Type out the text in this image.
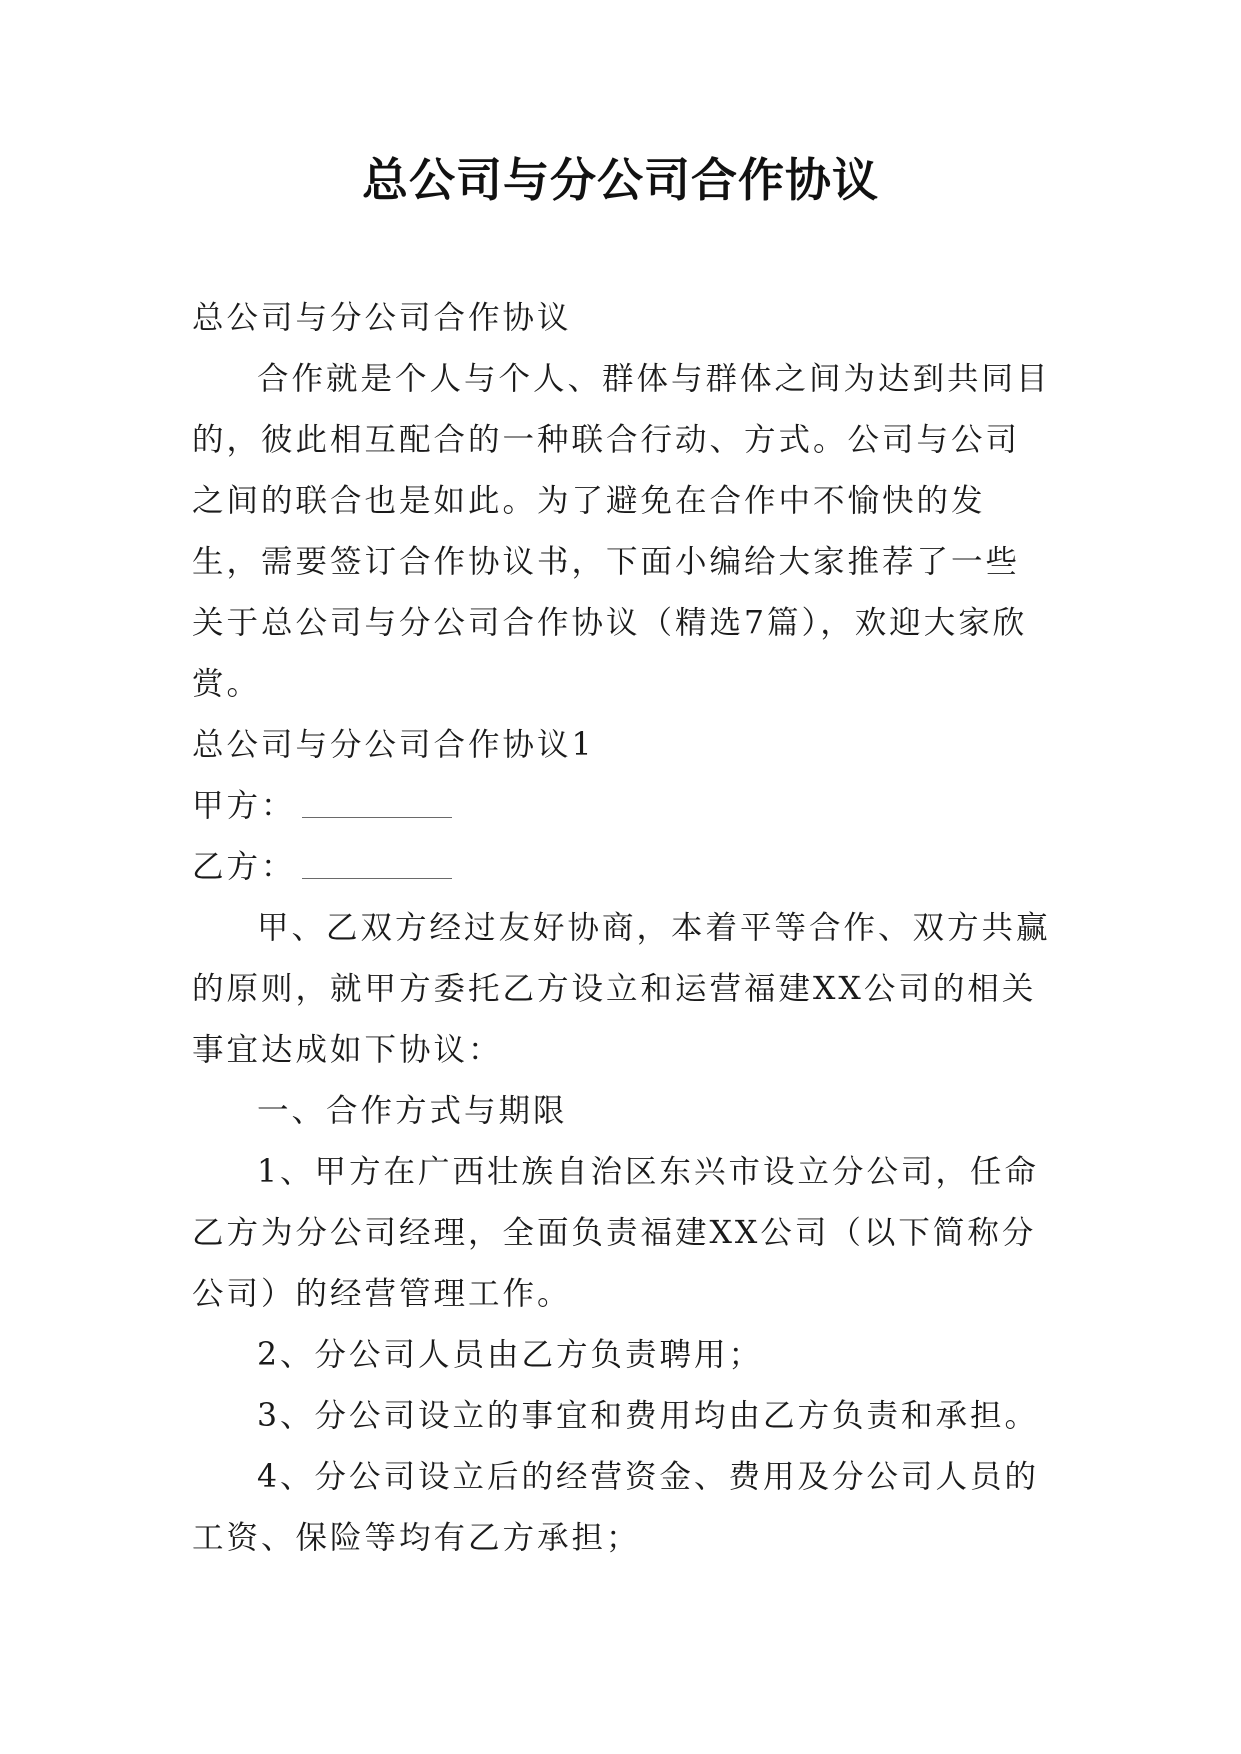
总公司与分公司合作协议

总公司与分公司合作协议

合作就是个人与个人、群体与群体之间为达到共同目的，彼此相互配合的一种联合行动、方式。公司与公司之间的联合也是如此。为了避免在合作中不愉快的发生，需要签订合作协议书，下面小编给大家推荐了一些关于总公司与分公司合作协议（精选7篇），欢迎大家欣赏。

总公司与分公司合作协议1

甲方：

乙方：

甲、乙双方经过友好协商，本着平等合作、双方共赢的原则，就甲方委托乙方设立和运营福建XX公司的相关事宜达成如下协议：

一、合作方式与期限

1、甲方在广西壮族自治区东兴市设立分公司，任命乙方为分公司经理，全面负责福建XX公司（以下简称分公司）的经营管理工作。

2、分公司人员由乙方负责聘用；

3、分公司设立的事宜和费用均由乙方负责和承担。

4、分公司设立后的经营资金、费用及分公司人员的工资、保险等均有乙方承担；
